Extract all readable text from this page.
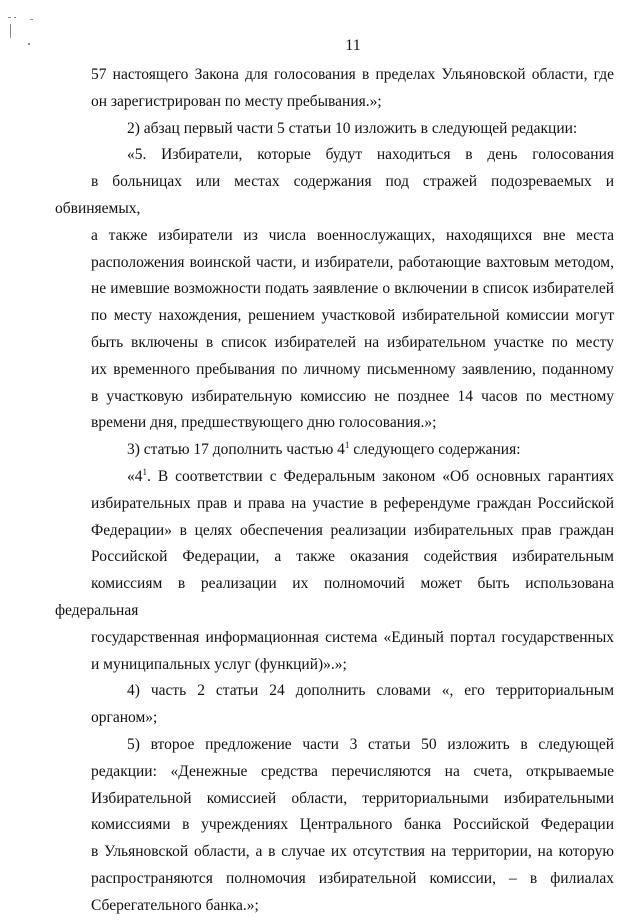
11

57 настоящего Закона для голосования в пределах Ульяновской области, где
он зарегистрирован по месту пребывания.»;

2) абзац первый части 5 статьи 10 изложить в следующей редакции:

«5. Избиратели, которые будут находиться в день голосования
в больницах или местах содержания под стражей подозреваемых и обвиняемых,
а также избиратели из числа военнослужащих, находящихся вне места
расположения воинской части, и избиратели, работающие вахтовым методом,
не имевшие возможности подать заявление о включении в список избирателей
по месту нахождения, решением участковой избирательной комиссии могут
быть включены в список избирателей на избирательном участке по месту
их временного пребывания по личному письменному заявлению, поданному
в участковую избирательную комиссию не позднее 14 часов по местному
времени дня, предшествующего дню голосования.»;

3) статью 17 дополнить частью $4^1$ следующего содержания:

«$4^1$. В соответствии с Федеральным законом «Об основных гарантиях
избирательных прав и права на участие в референдуме граждан Российской
Федерации» в целях обеспечения реализации избирательных прав граждан
Российской Федерации, а также оказания содействия избирательным
комиссиям в реализации их полномочий может быть использована федеральная
государственная информационная система «Единый портал государственных
и муниципальных услуг (функций)».»;

4) часть 2 статьи 24 дополнить словами «, его территориальным
органом»;

5) второе предложение части 3 статьи 50 изложить в следующей
редакции: «Денежные средства перечисляются на счета, открываемые
Избирательной комиссией области, территориальными избирательными
комиссиями в учреждениях Центрального банка Российской Федерации
в Ульяновской области, а в случае их отсутствия на территории, на которую
распространяются полномочия избирательной комиссии, – в филиалах
Сберегательного банка.»;
